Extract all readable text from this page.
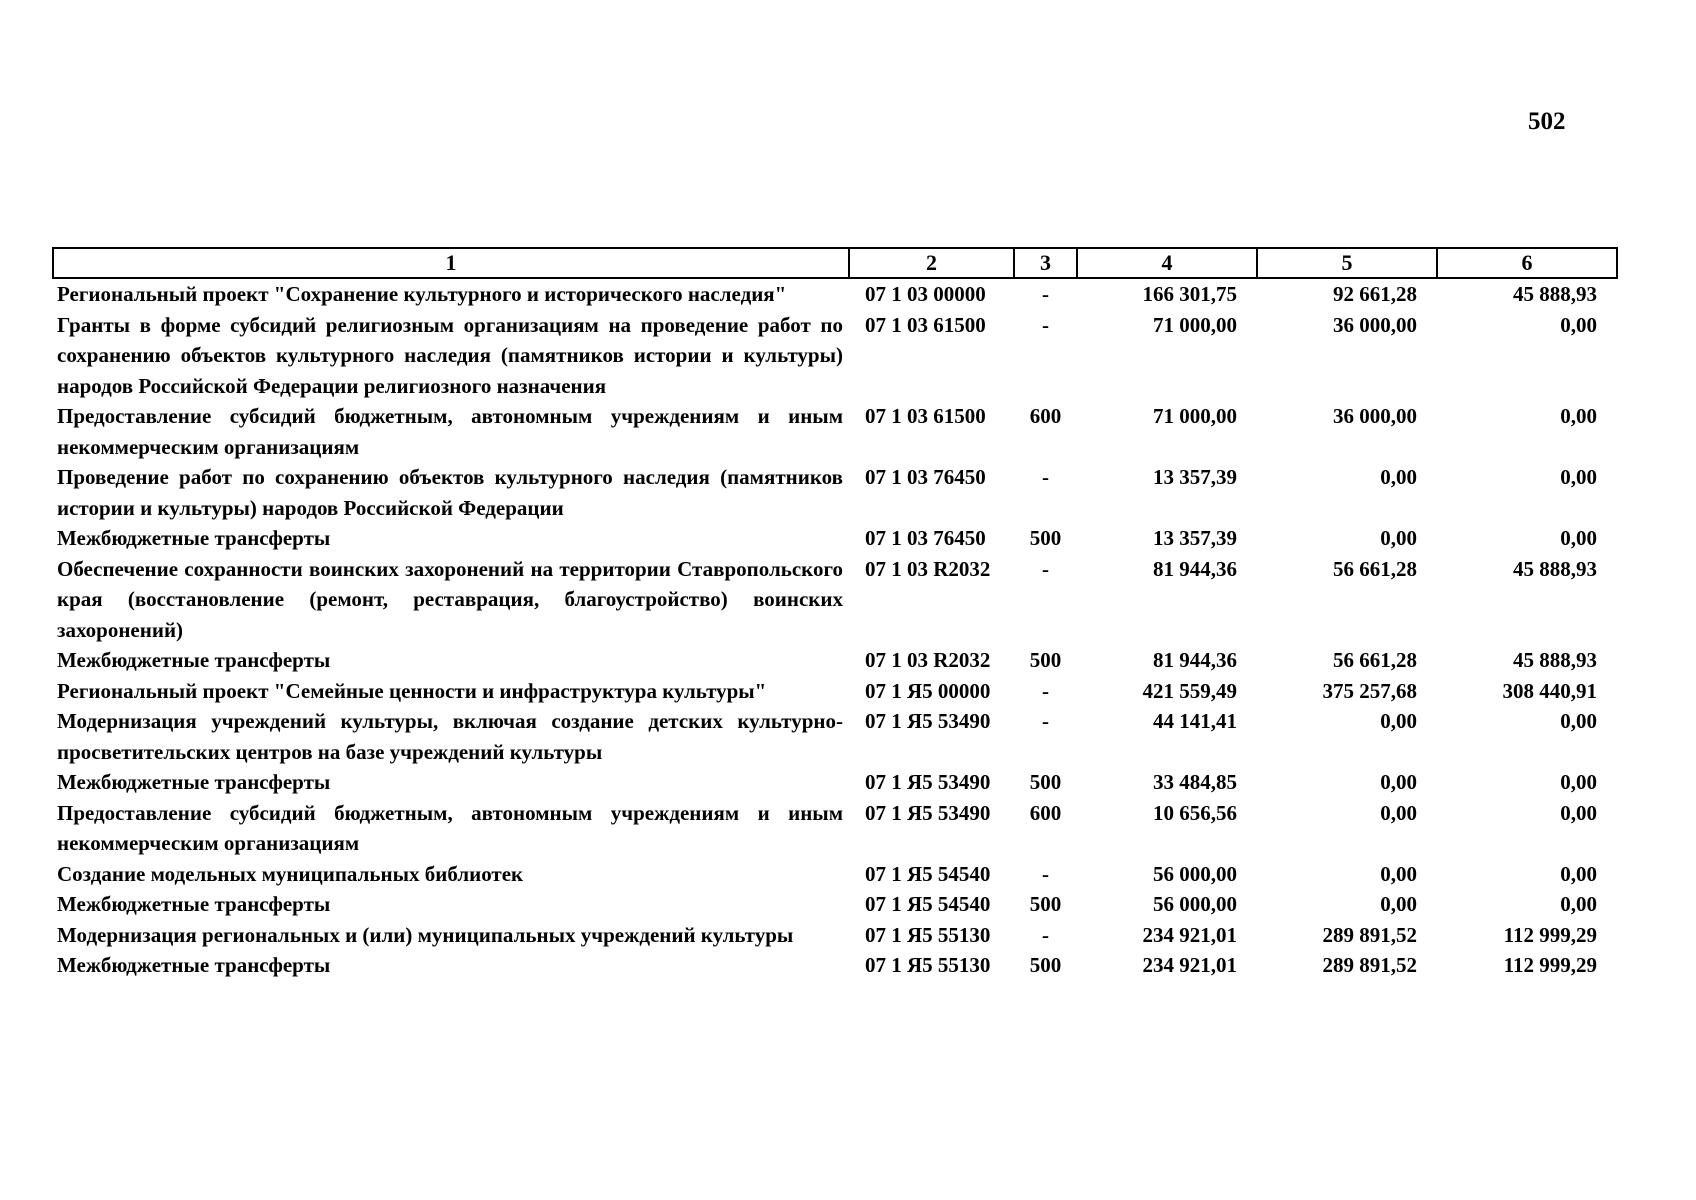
502
1	2	3	4	5	6
Региональный проект "Сохранение культурного и исторического наследия"	07 1 03 00000	-	166 301,75	92 661,28	45 888,93
Гранты в форме субсидий религиозным организациям на проведение работ по сохранению объектов культурного наследия (памятников истории и культуры) народов Российской Федерации религиозного назначения	07 1 03 61500	-	71 000,00	36 000,00	0,00
Предоставление субсидий бюджетным, автономным учреждениям и иным некоммерческим организациям	07 1 03 61500	600	71 000,00	36 000,00	0,00
Проведение работ по сохранению объектов культурного наследия (памятников истории и культуры) народов Российской Федерации	07 1 03 76450	-	13 357,39	0,00	0,00
Межбюджетные трансферты	07 1 03 76450	500	13 357,39	0,00	0,00
Обеспечение сохранности воинских захоронений на территории Ставропольского края (восстановление (ремонт, реставрация, благоустройство) воинских захоронений)	07 1 03 R2032	-	81 944,36	56 661,28	45 888,93
Межбюджетные трансферты	07 1 03 R2032	500	81 944,36	56 661,28	45 888,93
Региональный проект "Семейные ценности и инфраструктура культуры"	07 1 Я5 00000	-	421 559,49	375 257,68	308 440,91
Модернизация учреждений культуры, включая создание детских культурно-просветительских центров на базе учреждений культуры	07 1 Я5 53490	-	44 141,41	0,00	0,00
Межбюджетные трансферты	07 1 Я5 53490	500	33 484,85	0,00	0,00
Предоставление субсидий бюджетным, автономным учреждениям и иным некоммерческим организациям	07 1 Я5 53490	600	10 656,56	0,00	0,00
Создание модельных муниципальных библиотек	07 1 Я5 54540	-	56 000,00	0,00	0,00
Межбюджетные трансферты	07 1 Я5 54540	500	56 000,00	0,00	0,00
Модернизация региональных и (или) муниципальных учреждений культуры	07 1 Я5 55130	-	234 921,01	289 891,52	112 999,29
Межбюджетные трансферты	07 1 Я5 55130	500	234 921,01	289 891,52	112 999,29
